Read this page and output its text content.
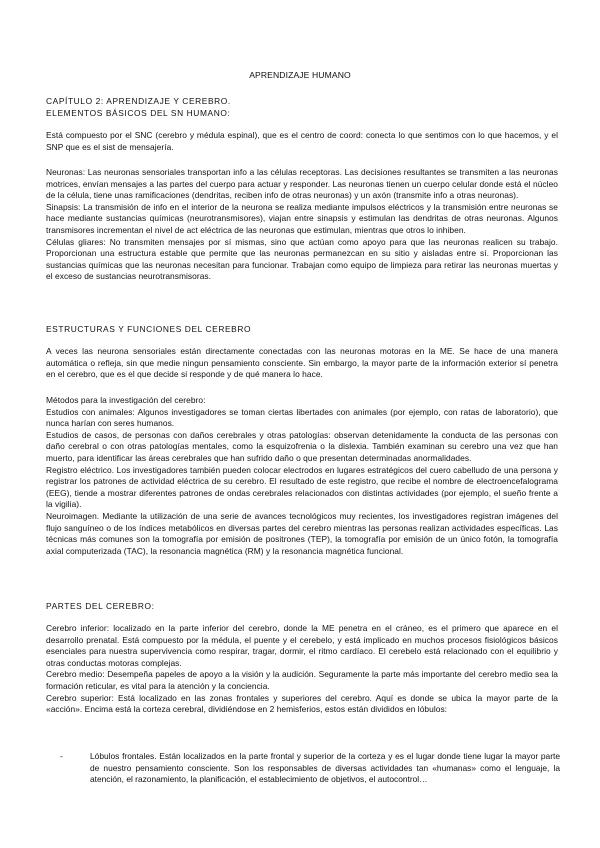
APRENDIZAJE HUMANO
CAPÍTULO 2: APRENDIZAJE Y CEREBRO.
ELEMENTOS BÁSICOS DEL SN HUMANO:

Está compuesto por el SNC (cerebro y médula espinal), que es el centro de coord: conecta lo que sentimos con lo que hacemos, y el SNP que es el sist de mensajería.

Neuronas: Las neuronas sensoriales transportan info a las células receptoras. Las decisiones resultantes se transmiten a las neuronas motrices, envían mensajes a las partes del cuerpo para actuar y responder. Las neuronas tienen un cuerpo celular donde está el núcleo de la célula, tiene unas ramificaciones (dendritas, reciben info de otras neuronas) y un axón (transmite info a otras neuronas).

Sinapsis: La transmisión de info en el interior de la neurona se realiza mediante impulsos eléctricos y la transmisión entre neuronas se hace mediante sustancias químicas (neurotransmisores), viajan entre sinapsis y estimulan las dendritas de otras neuronas. Algunos transmisores incrementan el nivel de act eléctrica de las neuronas que estimulan, mientras que otros lo inhiben.

Células gliares: No transmiten mensajes por sí mismas, sino que actúan como apoyo para que las neuronas realicen su trabajo. Proporcionan una estructura estable que permite que las neuronas permanezcan en su sitio y aisladas entre sí. Proporcionan las sustancias químicas que las neuronas necesitan para funcionar. Trabajan como equipo de limpieza para retirar las neuronas muertas y el exceso de sustancias neurotransmisoras.

ESTRUCTURAS Y FUNCIONES DEL CEREBRO

A veces las neurona sensoriales están directamente conectadas con las neuronas motoras en la ME. Se hace de una manera automática o refleja, sin que medie ningun pensamiento consciente. Sin embargo, la mayor parte de la información exterior sí penetra en el cerebro, que es el que decide si responde y de qué manera lo hace.

Métodos para la investigación del cerebro:

Estudios con animales: Algunos investigadores se toman ciertas libertades con animales (por ejemplo, con ratas de laboratorio), que nunca harían con seres humanos.

Estudios de casos, de personas con daños cerebrales y otras patologías: observan detenidamente la conducta de las personas con daño cerebral o con otras patologías mentales, como la esquizofrenia o la dislexia. También examinan su cerebro una vez que han muerto, para identificar las áreas cerebrales que han sufrido daño o que presentan determinadas anormalidades.

Registro eléctrico. Los investigadores también pueden colocar electrodos en lugares estratégicos del cuero cabelludo de una persona y registrar los patrones de actividad eléctrica de su cerebro. El resultado de este registro, que recibe el nombre de electroencefalograma (EEG), tiende a mostrar diferentes patrones de ondas cerebrales relacionados con distintas actividades (por ejemplo, el sueño frente a la vigilia).

Neuroimagen. Mediante la utilización de una serie de avances tecnológicos muy recientes, los investigadores registran imágenes del flujo sanguíneo o de los índices metabólicos en diversas partes del cerebro mientras las personas realizan actividades específicas. Las técnicas más comunes son la tomografía por emisión de positrones (TEP), la tomografía por emisión de un único fotón, la tomografía axial computerizada (TAC), la resonancia magnética (RM) y la resonancia magnética funcional.

PARTES DEL CEREBRO:

Cerebro inferior: localizado en la parte inferior del cerebro, donde la ME penetra en el cráneo, es el primero que aparece en el desarrollo prenatal. Está compuesto por la médula, el puente y el cerebelo, y está implicado en muchos procesos fisiológicos básicos esenciales para nuestra supervivencia como respirar, tragar, dormir, el ritmo cardíaco. El cerebelo está relacionado con el equilibrio y otras conductas motoras complejas.

Cerebro medio: Desempeña papeles de apoyo a la visión y la audición. Seguramente la parte más importante del cerebro medio sea la formación reticular, es vital para la atención y la conciencia.

Cerebro superior: Está localizado en las zonas frontales y superiores del cerebro. Aquí es donde se ubica la mayor parte de la «acción». Encima está la corteza cerebral, dividiéndose en 2 hemisferios, estos están divididos en lóbulos:

-	Lóbulos frontales. Están localizados en la parte frontal y superior de la corteza y es el lugar donde tiene lugar la mayor parte de nuestro pensamiento consciente. Son los responsables de diversas actividades tan «humanas» como el lenguaje, la atención, el razonamiento, la planificación, el establecimiento de objetivos, el autocontrol…
